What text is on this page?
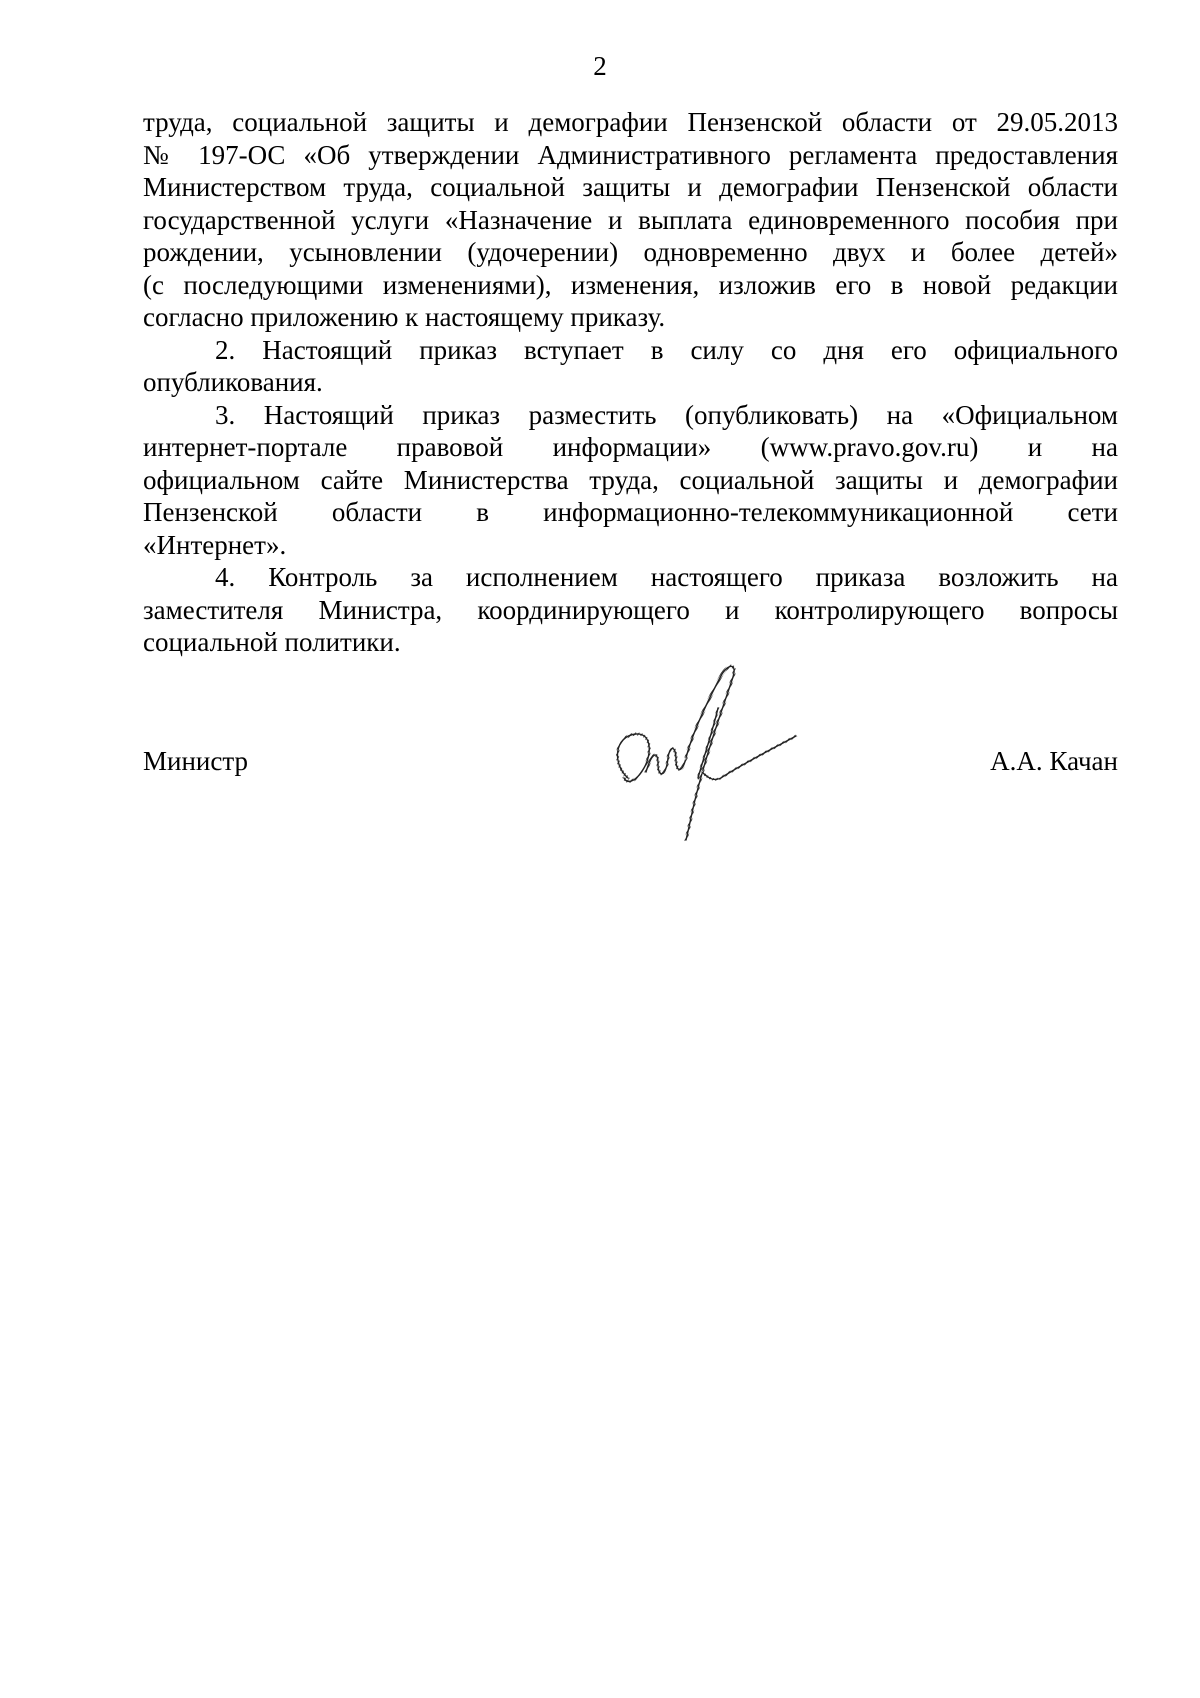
2
труда, социальной защиты и демографии Пензенской области от 29.05.2013
№ 197-ОС «Об утверждении Административного регламента предоставления
Министерством труда, социальной защиты и демографии Пензенской области
государственной услуги «Назначение и выплата единовременного пособия при
рождении, усыновлении (удочерении) одновременно двух и более детей»
(с последующими изменениями), изменения, изложив его в новой редакции
согласно приложению к настоящему приказу.
2. Настоящий приказ вступает в силу со дня его официального
опубликования.
3. Настоящий приказ разместить (опубликовать) на «Официальном
интернет-портале правовой информации» (www.pravo.gov.ru) и на
официальном сайте Министерства труда, социальной защиты и демографии
Пензенской области в информационно-телекоммуникационной сети
«Интернет».
4. Контроль за исполнением настоящего приказа возложить на
заместителя Министра, координирующего и контролирующего вопросы
социальной политики.
Министр	А.А. Качан
